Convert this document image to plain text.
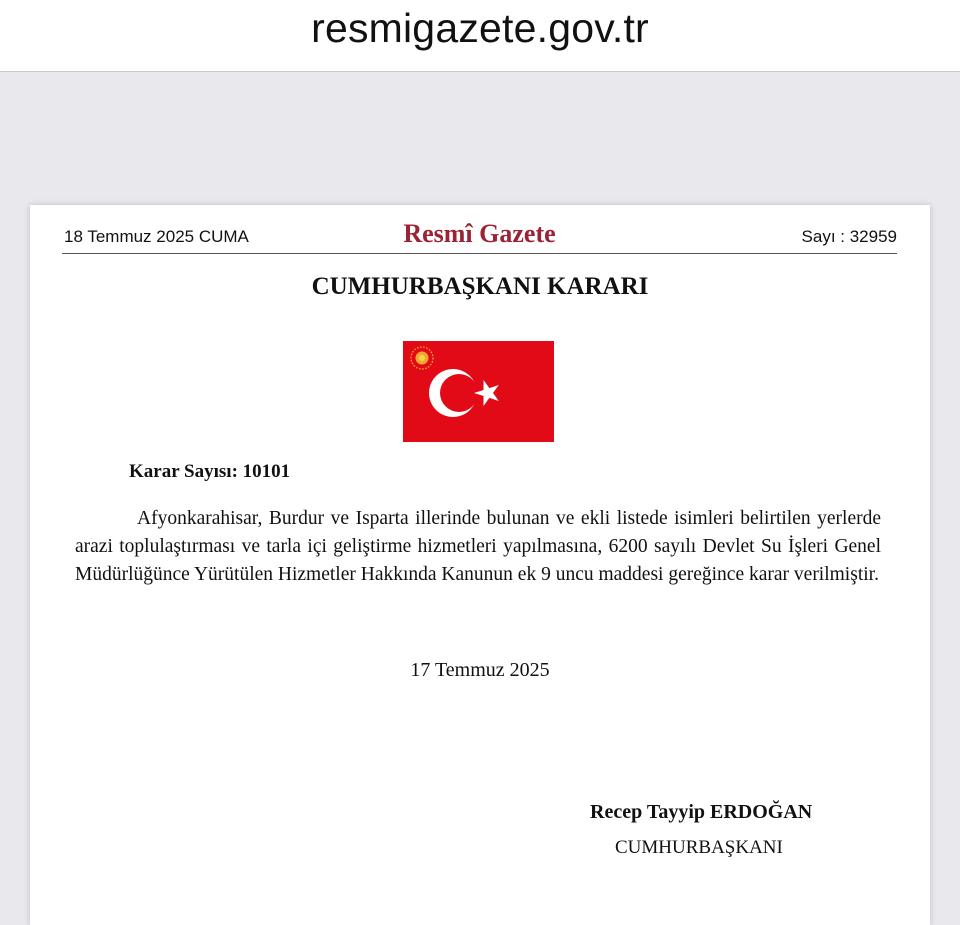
resmigazete.gov.tr
18 Temmuz 2025 CUMA	Resmî Gazete	Sayı : 32959
CUMHURBAŞKANI KARARI
Karar Sayısı: 10101

Afyonkarahisar, Burdur ve Isparta illerinde bulunan ve ekli listede isimleri belirtilen yerlerde arazi toplulaştırması ve tarla içi geliştirme hizmetleri yapılmasına, 6200 sayılı Devlet Su İşleri Genel Müdürlüğünce Yürütülen Hizmetler Hakkında Kanunun ek 9 uncu maddesi gereğince karar verilmiştir.

17 Temmuz 2025
Recep Tayyip ERDOĞAN
CUMHURBAŞKANI
